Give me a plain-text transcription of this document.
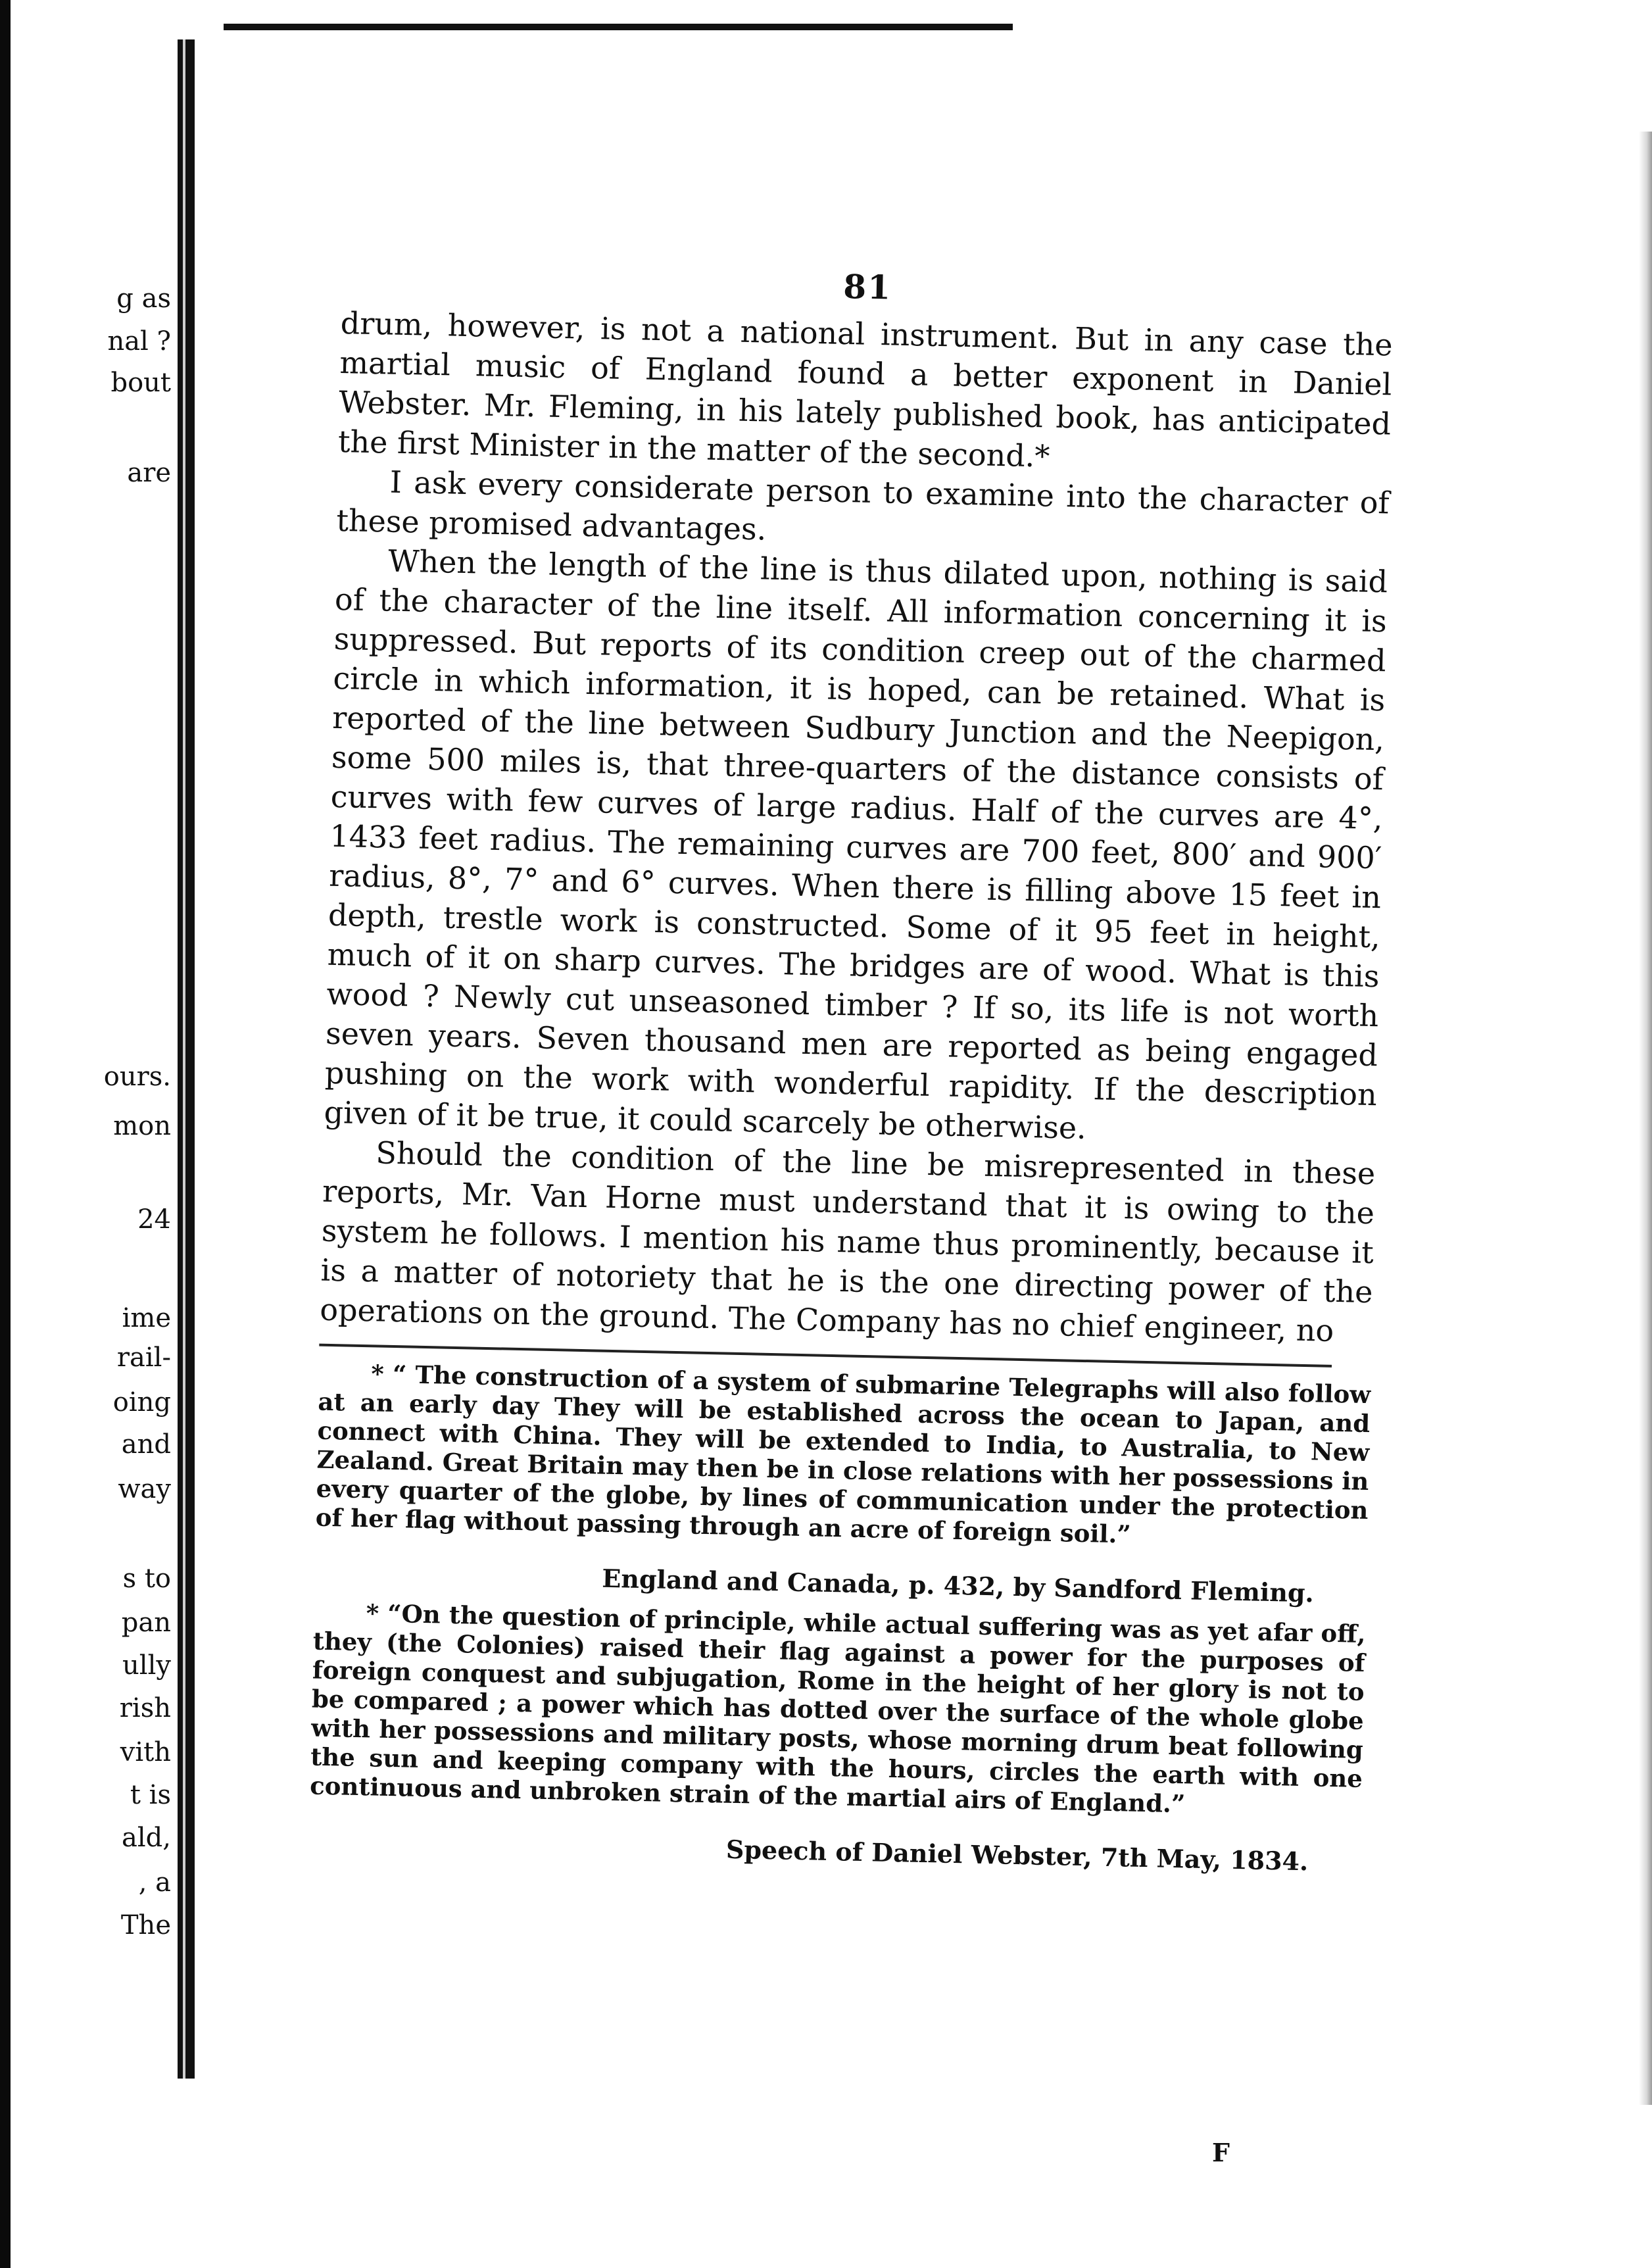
g as
nal ?
bout
are
ours.
mon
24
ime
rail-
oing
and
way
s to
pan
ully
rish
vith
t is
ald,
, a
The
81

drum, however, is not a national instrument. But in any case the martial music of England found a better exponent in Daniel Webster. Mr. Fleming, in his lately published book, has anticipated the first Minister in the matter of the second.*

I ask every considerate person to examine into the character of these promised advantages.

When the length of the line is thus dilated upon, nothing is said of the character of the line itself. All information concerning it is suppressed. But reports of its condition creep out of the charmed circle in which information, it is hoped, can be retained. What is reported of the line between Sudbury Junction and the Neepigon, some 500 miles is, that three-quarters of the distance consists of curves with few curves of large radius. Half of the curves are 4°, 1433 feet radius. The remaining curves are 700 feet, 800′ and 900′ radius, 8°, 7° and 6° curves. When there is filling above 15 feet in depth, trestle work is constructed. Some of it 95 feet in height, much of it on sharp curves. The bridges are of wood. What is this wood ? Newly cut unseasoned timber ? If so, its life is not worth seven years. Seven thousand men are reported as being engaged pushing on the work with wonderful rapidity. If the description given of it be true, it could scarcely be otherwise.

Should the condition of the line be misrepresented in these reports, Mr. Van Horne must understand that it is owing to the system he follows. I mention his name thus prominently, because it is a matter of notoriety that he is the one directing power of the operations on the ground. The Company has no chief engineer, no

* “ The construction of a system of submarine Telegraphs will also follow at an early day They will be established across the ocean to Japan, and connect with China. They will be extended to India, to Australia, to New Zealand. Great Britain may then be in close relations with her possessions in every quarter of the globe, by lines of communication under the protection of her flag without passing through an acre of foreign soil.”

England and Canada, p. 432, by Sandford Fleming.

* “On the question of principle, while actual suffering was as yet afar off, they (the Colonies) raised their flag against a power for the purposes of foreign conquest and subjugation, Rome in the height of her glory is not to be compared ; a power which has dotted over the surface of the whole globe with her possessions and military posts, whose morning drum beat following the sun and keeping company with the hours, circles the earth with one continuous and unbroken strain of the martial airs of England.”

Speech of Daniel Webster, 7th May, 1834.
F
